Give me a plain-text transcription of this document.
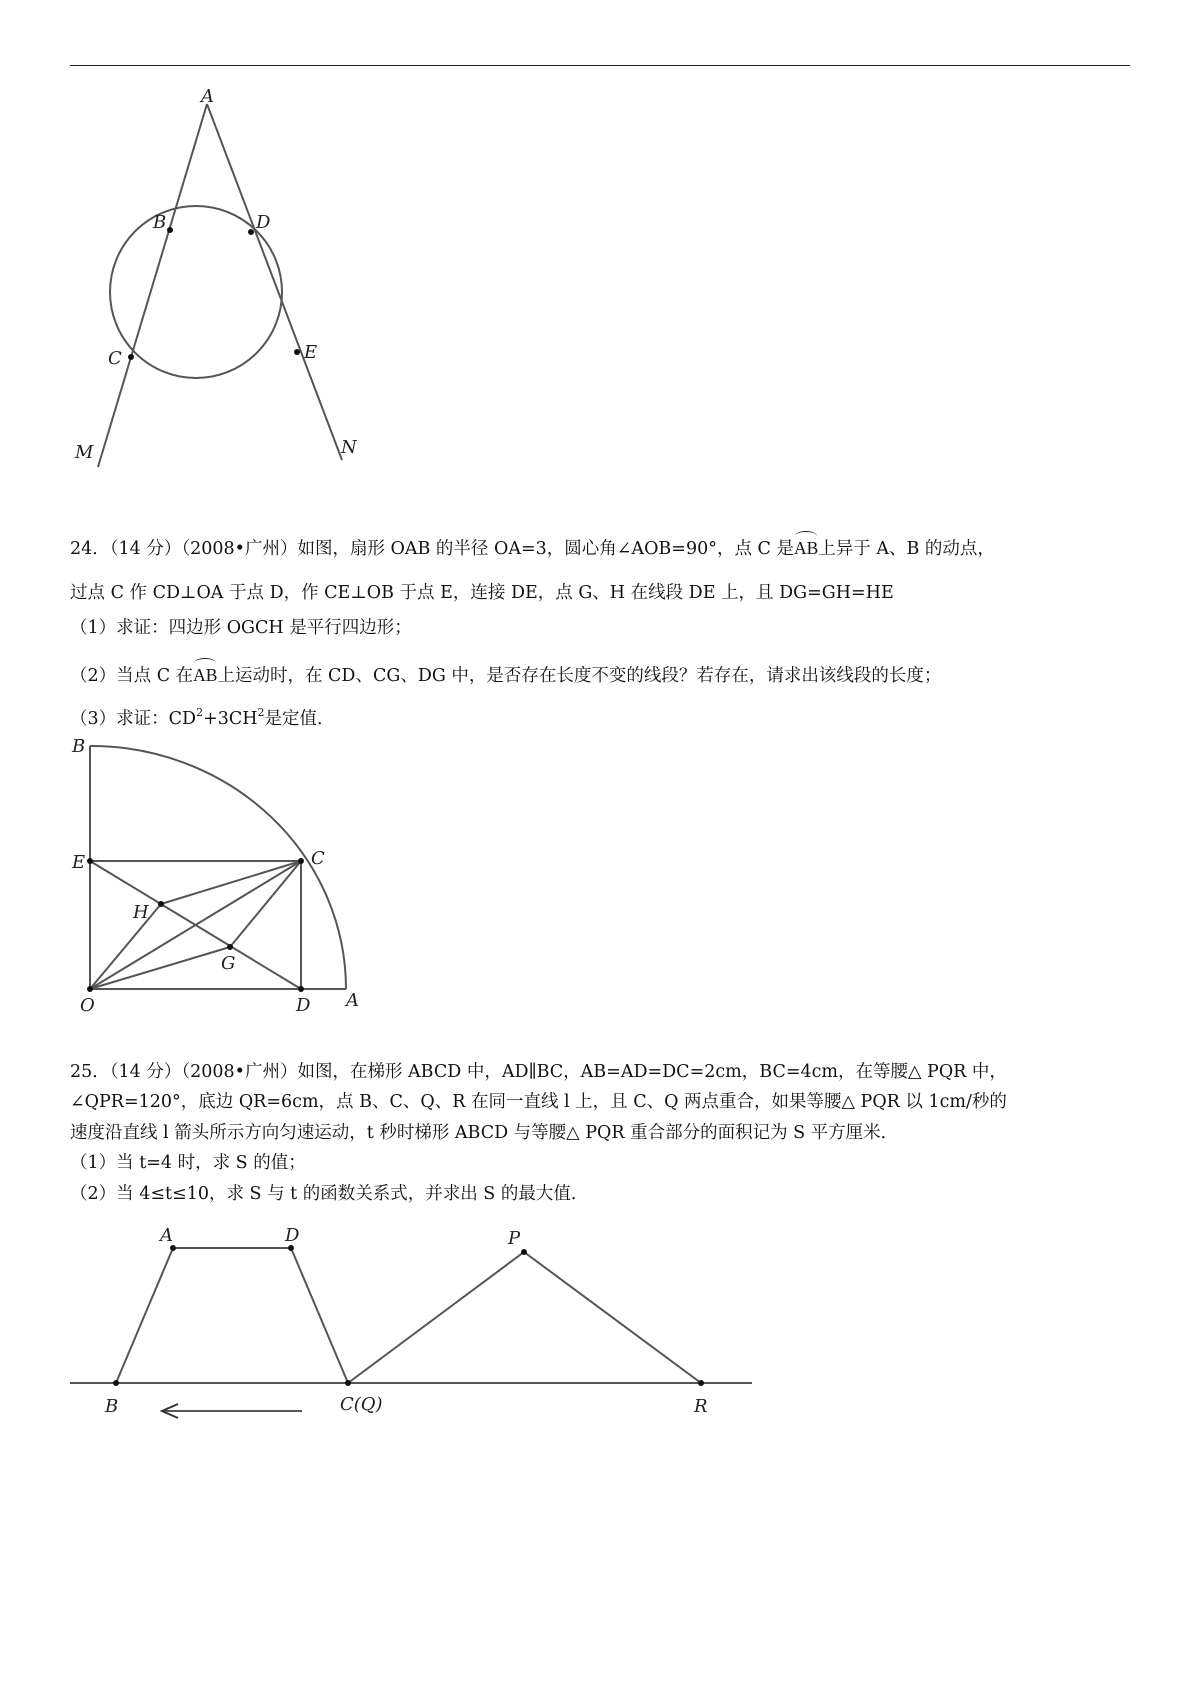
A
B	D
C	E
M	N
24．（14 分）（2008•广州）如图，扇形 OAB 的半径 OA=3，圆心角∠AOB=90°，点 C 是AB上异于 A、B 的动点，
过点 C 作 CD⊥OA 于点 D，作 CE⊥OB 于点 E，连接 DE，点 G、H 在线段 DE 上，且 DG=GH=HE
（1）求证：四边形 OGCH 是平行四边形；
（2）当点 C 在AB上运动时，在 CD、CG、DG 中，是否存在长度不变的线段？若存在，请求出该线段的长度；
（3）求证：$CD^2+3CH^2$是定值．
B
E	C
H
G
O	D A
25．（14 分）（2008•广州）如图，在梯形 ABCD 中，AD∥BC，AB=AD=DC=2cm，BC=4cm，在等腰△ PQR 中，
∠QPR=120°，底边 QR=6cm，点 B、C、Q、R 在同一直线 l 上，且 C、Q 两点重合，如果等腰△ PQR 以 1cm/秒的
速度沿直线 l 箭头所示方向匀速运动，t 秒时梯形 ABCD 与等腰△ PQR 重合部分的面积记为 S 平方厘米．
（1）当 t=4 时，求 S 的值；
（2）当 4≤t≤10，求 S 与 t 的函数关系式，并求出 S 的最大值．
A	D	P
B	C(Q)	R
